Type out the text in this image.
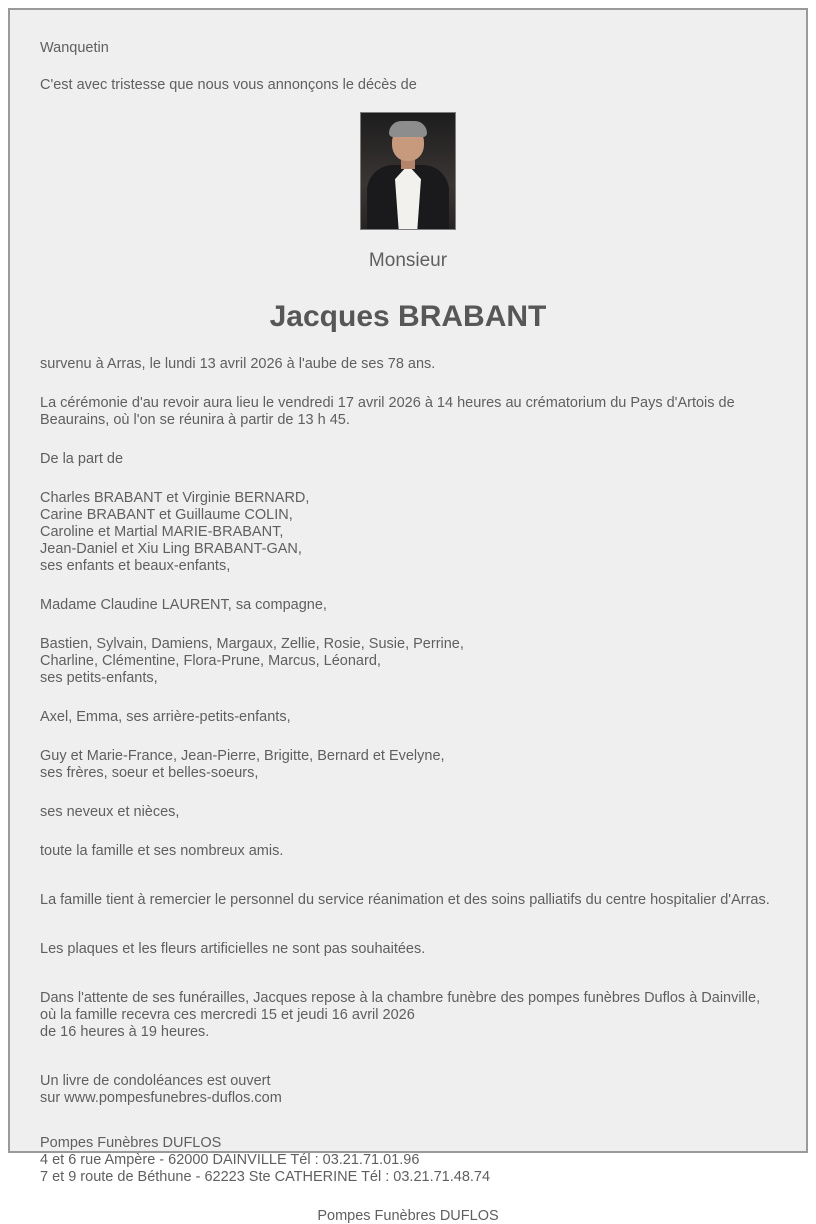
Wanquetin
C'est avec tristesse que nous vous annonçons le décès de
Monsieur
Jacques BRABANT
survenu à Arras, le lundi 13 avril 2026 à l'aube de ses 78 ans.
La cérémonie d'au revoir aura lieu le vendredi 17 avril 2026 à 14 heures au crématorium du Pays d'Artois de Beaurains, où l'on se réunira à partir de 13 h 45.
De la part de
Charles BRABANT et Virginie BERNARD,
Carine BRABANT et Guillaume COLIN,
Caroline et Martial MARIE-BRABANT,
Jean-Daniel et Xiu Ling BRABANT-GAN,
ses enfants et beaux-enfants,
Madame Claudine LAURENT, sa compagne,
Bastien, Sylvain, Damiens, Margaux, Zellie, Rosie, Susie, Perrine,
Charline, Clémentine, Flora-Prune, Marcus, Léonard,
ses petits-enfants,
Axel, Emma, ses arrière-petits-enfants,
Guy et Marie-France, Jean-Pierre, Brigitte, Bernard et Evelyne,
ses frères, soeur et belles-soeurs,
ses neveux et nièces,
toute la famille et ses nombreux amis.
La famille tient à remercier le personnel du service réanimation et des soins palliatifs du centre hospitalier d'Arras.
Les plaques et les fleurs artificielles ne sont pas souhaitées.
Dans l'attente de ses funérailles, Jacques repose à la chambre funèbre des pompes funèbres Duflos à Dainville,
où la famille recevra ces mercredi 15 et jeudi 16 avril 2026
de 16 heures à 19 heures.
Un livre de condoléances est ouvert
sur www.pompesfunebres-duflos.com
Pompes Funèbres DUFLOS
4 et 6 rue Ampère - 62000 DAINVILLE Tél : 03.21.71.01.96
7 et 9 route de Béthune - 62223 Ste CATHERINE Tél : 03.21.71.48.74
Pompes Funèbres DUFLOS
